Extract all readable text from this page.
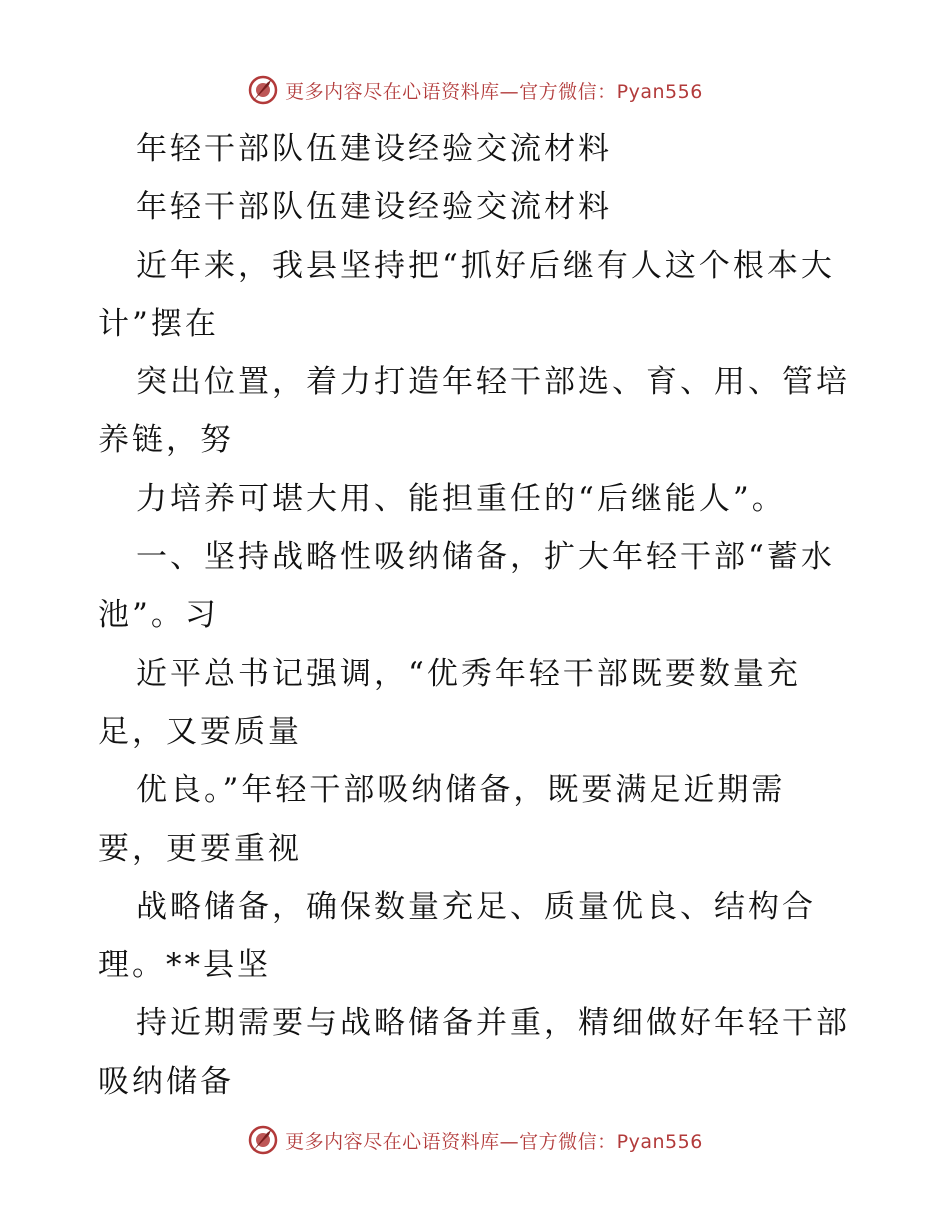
更多内容尽在心语资料库—官方微信：Pyan556
年轻干部队伍建设经验交流材料
年轻干部队伍建设经验交流材料
近年来，我县坚持把“抓好后继有人这个根本大
计”摆在
突出位置，着力打造年轻干部选、育、用、管培
养链，努
力培养可堪大用、能担重任的“后继能人”。
一、坚持战略性吸纳储备，扩大年轻干部“蓄水
池”。习
近平总书记强调，“优秀年轻干部既要数量充
足，又要质量
优良。”年轻干部吸纳储备，既要满足近期需
要，更要重视
战略储备，确保数量充足、质量优良、结构合
理。**县坚
持近期需要与战略储备并重，精细做好年轻干部
吸纳储备
更多内容尽在心语资料库—官方微信：Pyan556
